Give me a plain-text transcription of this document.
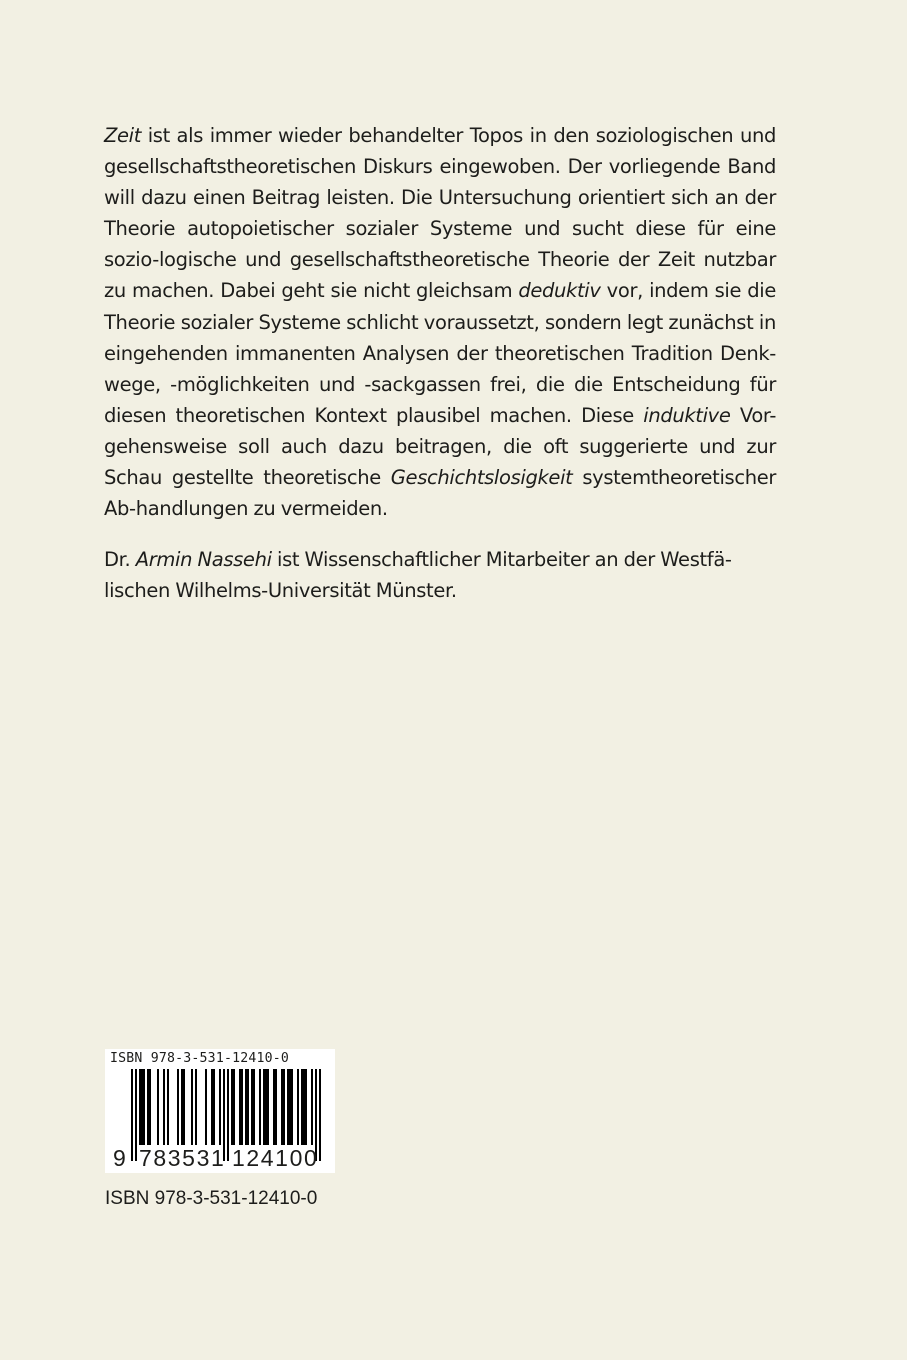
Zeit ist als immer wieder behandelter Topos in den soziologischen und gesellschaftstheoretischen Diskurs eingewoben. Der vorliegende Band will dazu einen Beitrag leisten. Die Untersuchung orientiert sich an der Theorie autopoietischer sozialer Systeme und sucht diese für eine sozio-logische und gesellschaftstheoretische Theorie der Zeit nutzbar zu machen. Dabei geht sie nicht gleichsam deduktiv vor, indem sie die Theorie sozialer Systeme schlicht voraussetzt, sondern legt zunächst in eingehenden immanenten Analysen der theoretischen Tradition Denk-wege, -möglichkeiten und -sackgassen frei, die die Entscheidung für diesen theoretischen Kontext plausibel machen. Diese induktive Vor-gehensweise soll auch dazu beitragen, die oft suggerierte und zur Schau gestellte theoretische Geschichtslosigkeit systemtheoretischer Ab-handlungen zu vermeiden.

Dr. Armin Nassehi ist Wissenschaftlicher Mitarbeiter an der Westfä-lischen Wilhelms-Universität Münster.

ISBN 978-3-531-12410-0
9 783531 124100
ISBN 978-3-531-12410-0
